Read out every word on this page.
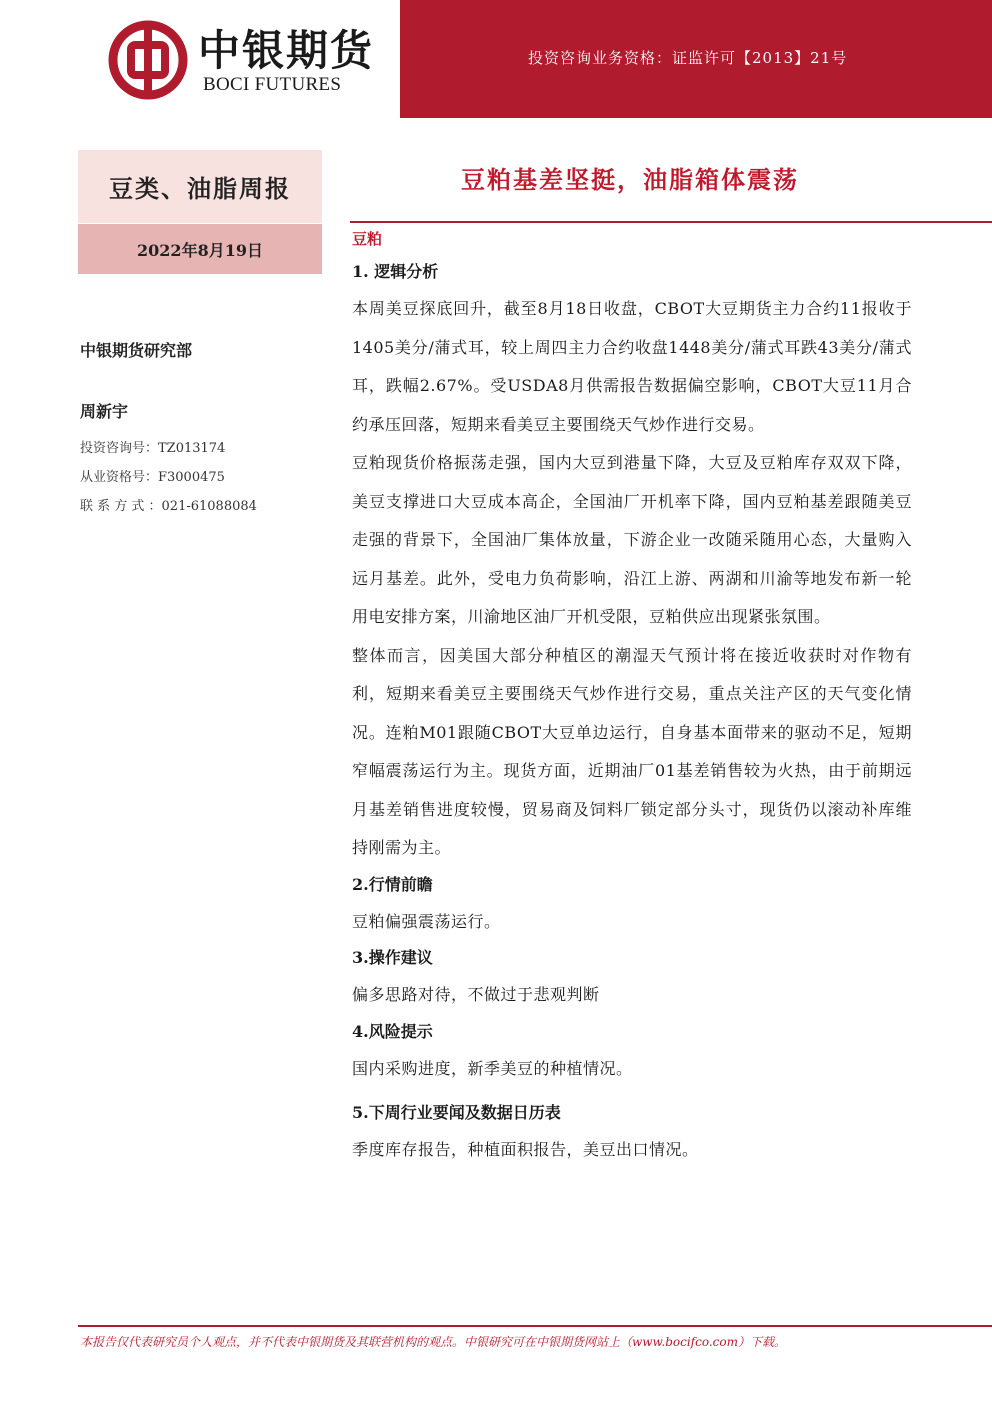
中银期货
BOCI FUTURES
投资咨询业务资格：证监许可【2013】21号
豆类、油脂周报
2022年8月19日
中银期货研究部
周新宇
投资咨询号：TZ013174
从业资格号：F3000475
联 系 方 式 ：021-61088084
豆粕基差坚挺，油脂箱体震荡
豆粕
1. 逻辑分析

本周美豆探底回升，截至8月18日收盘，CBOT大豆期货主力合约11报收于1405美分/蒲式耳，较上周四主力合约收盘1448美分/蒲式耳跌43美分/蒲式耳，跌幅2.67%。受USDA8月供需报告数据偏空影响，CBOT大豆11月合约承压回落，短期来看美豆主要围绕天气炒作进行交易。

豆粕现货价格振荡走强，国内大豆到港量下降，大豆及豆粕库存双双下降，美豆支撑进口大豆成本高企，全国油厂开机率下降，国内豆粕基差跟随美豆走强的背景下，全国油厂集体放量，下游企业一改随采随用心态，大量购入远月基差。此外，受电力负荷影响，沿江上游、两湖和川渝等地发布新一轮用电安排方案，川渝地区油厂开机受限，豆粕供应出现紧张氛围。

整体而言，因美国大部分种植区的潮湿天气预计将在接近收获时对作物有利，短期来看美豆主要围绕天气炒作进行交易，重点关注产区的天气变化情况。连粕M01跟随CBOT大豆单边运行，自身基本面带来的驱动不足，短期窄幅震荡运行为主。现货方面，近期油厂01基差销售较为火热，由于前期远月基差销售进度较慢，贸易商及饲料厂锁定部分头寸，现货仍以滚动补库维持刚需为主。

2.行情前瞻

豆粕偏强震荡运行。

3.操作建议

偏多思路对待，不做过于悲观判断

4.风险提示

国内采购进度，新季美豆的种植情况。

5.下周行业要闻及数据日历表

季度库存报告，种植面积报告，美豆出口情况。

本报告仅代表研究员个人观点，并不代表中银期货及其联营机构的观点。中银研究可在中银期货网站上（www.bocifco.com）下载。
